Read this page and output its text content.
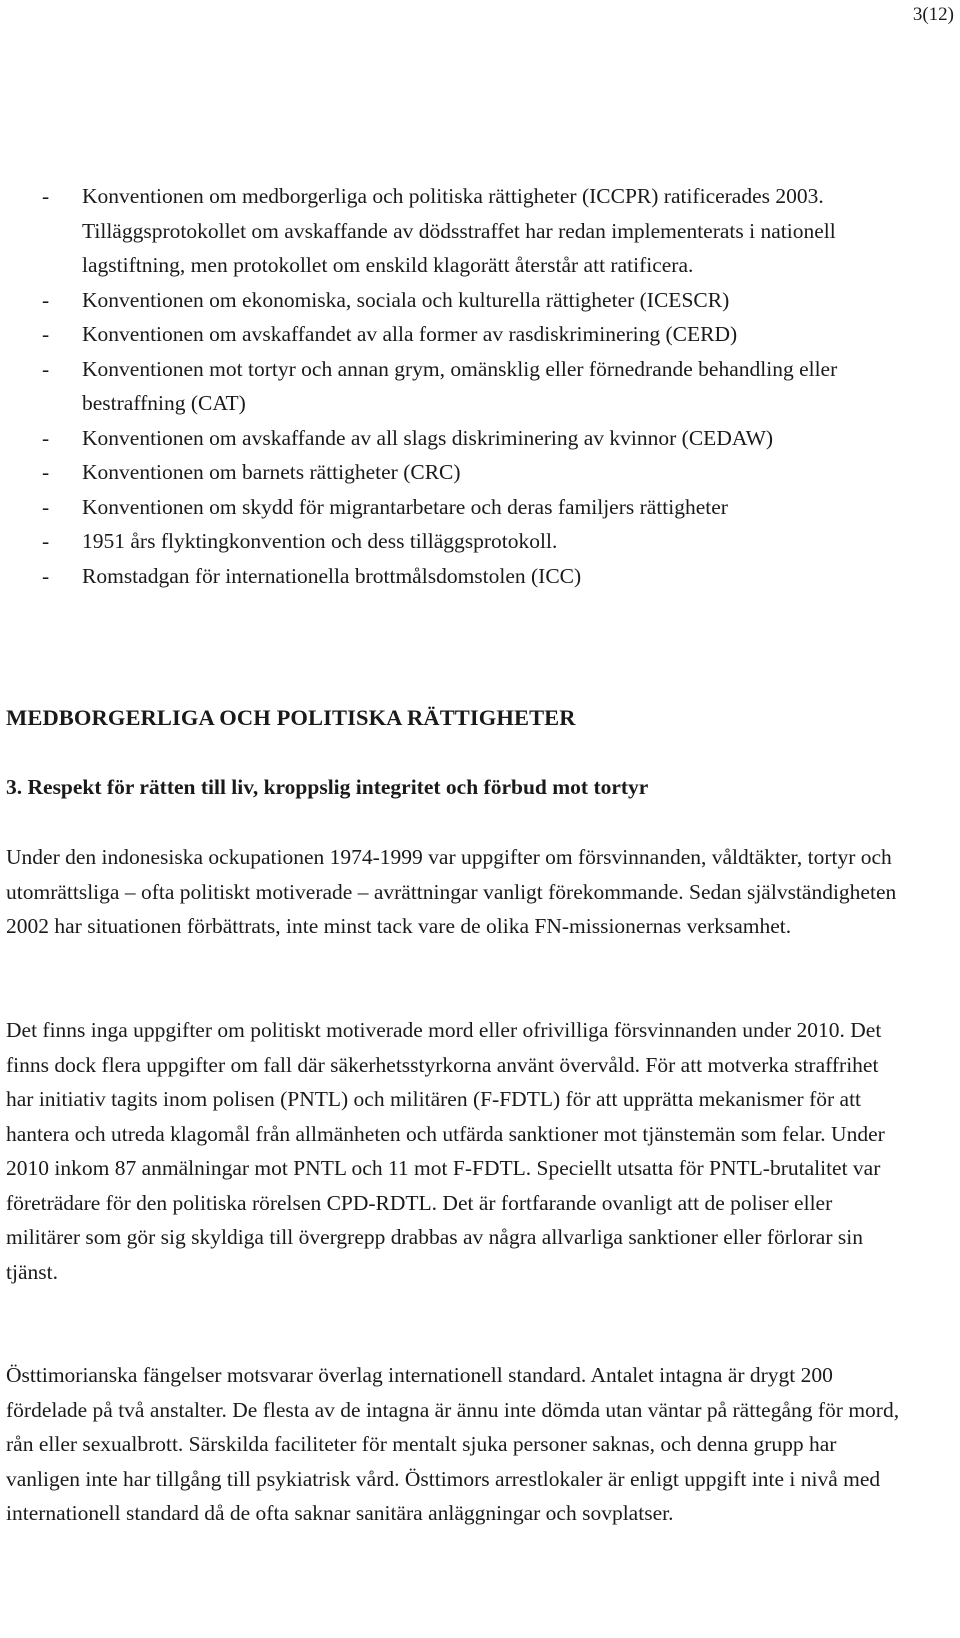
3(12)
- Konventionen om medborgerliga och politiska rättigheter (ICCPR) ratificerades 2003. Tilläggsprotokollet om avskaffande av dödsstraffet har redan implementerats i nationell lagstiftning, men protokollet om enskild klagorätt återstår att ratificera.
- Konventionen om ekonomiska, sociala och kulturella rättigheter (ICESCR)
- Konventionen om avskaffandet av alla former av rasdiskriminering (CERD)
- Konventionen mot tortyr och annan grym, omänsklig eller förnedrande behandling eller bestraffning (CAT)
- Konventionen om avskaffande av all slags diskriminering av kvinnor (CEDAW)
- Konventionen om barnets rättigheter (CRC)
- Konventionen om skydd för migrantarbetare och deras familjers rättigheter
- 1951 års flyktingkonvention och dess tilläggsprotokoll.
- Romstadgan för internationella brottmålsdomstolen (ICC)
MEDBORGERLIGA OCH POLITISKA RÄTTIGHETER
3. Respekt för rätten till liv, kroppslig integritet och förbud mot tortyr

Under den indonesiska ockupationen 1974-1999 var uppgifter om försvinnanden, våldtäkter, tortyr och utomrättsliga – ofta politiskt motiverade – avrättningar vanligt förekommande. Sedan självständigheten 2002 har situationen förbättrats, inte minst tack vare de olika FN-missionernas verksamhet.

Det finns inga uppgifter om politiskt motiverade mord eller ofrivilliga försvinnanden under 2010. Det finns dock flera uppgifter om fall där säkerhetsstyrkorna använt övervåld. För att motverka straffrihet har initiativ tagits inom polisen (PNTL) och militären (F-FDTL) för att upprätta mekanismer för att hantera och utreda klagomål från allmänheten och utfärda sanktioner mot tjänstemän som felar. Under 2010 inkom 87 anmälningar mot PNTL och 11 mot F-FDTL. Speciellt utsatta för PNTL-brutalitet var företrädare för den politiska rörelsen CPD-RDTL. Det är fortfarande ovanligt att de poliser eller militärer som gör sig skyldiga till övergrepp drabbas av några allvarliga sanktioner eller förlorar sin tjänst.

Östtimorianska fängelser motsvarar överlag internationell standard. Antalet intagna är drygt 200 fördelade på två anstalter. De flesta av de intagna är ännu inte dömda utan väntar på rättegång för mord, rån eller sexualbrott. Särskilda faciliteter för mentalt sjuka personer saknas, och denna grupp har vanligen inte har tillgång till psykiatrisk vård. Östtimors arrestlokaler är enligt uppgift inte i nivå med internationell standard då de ofta saknar sanitära anläggningar och sovplatser.
